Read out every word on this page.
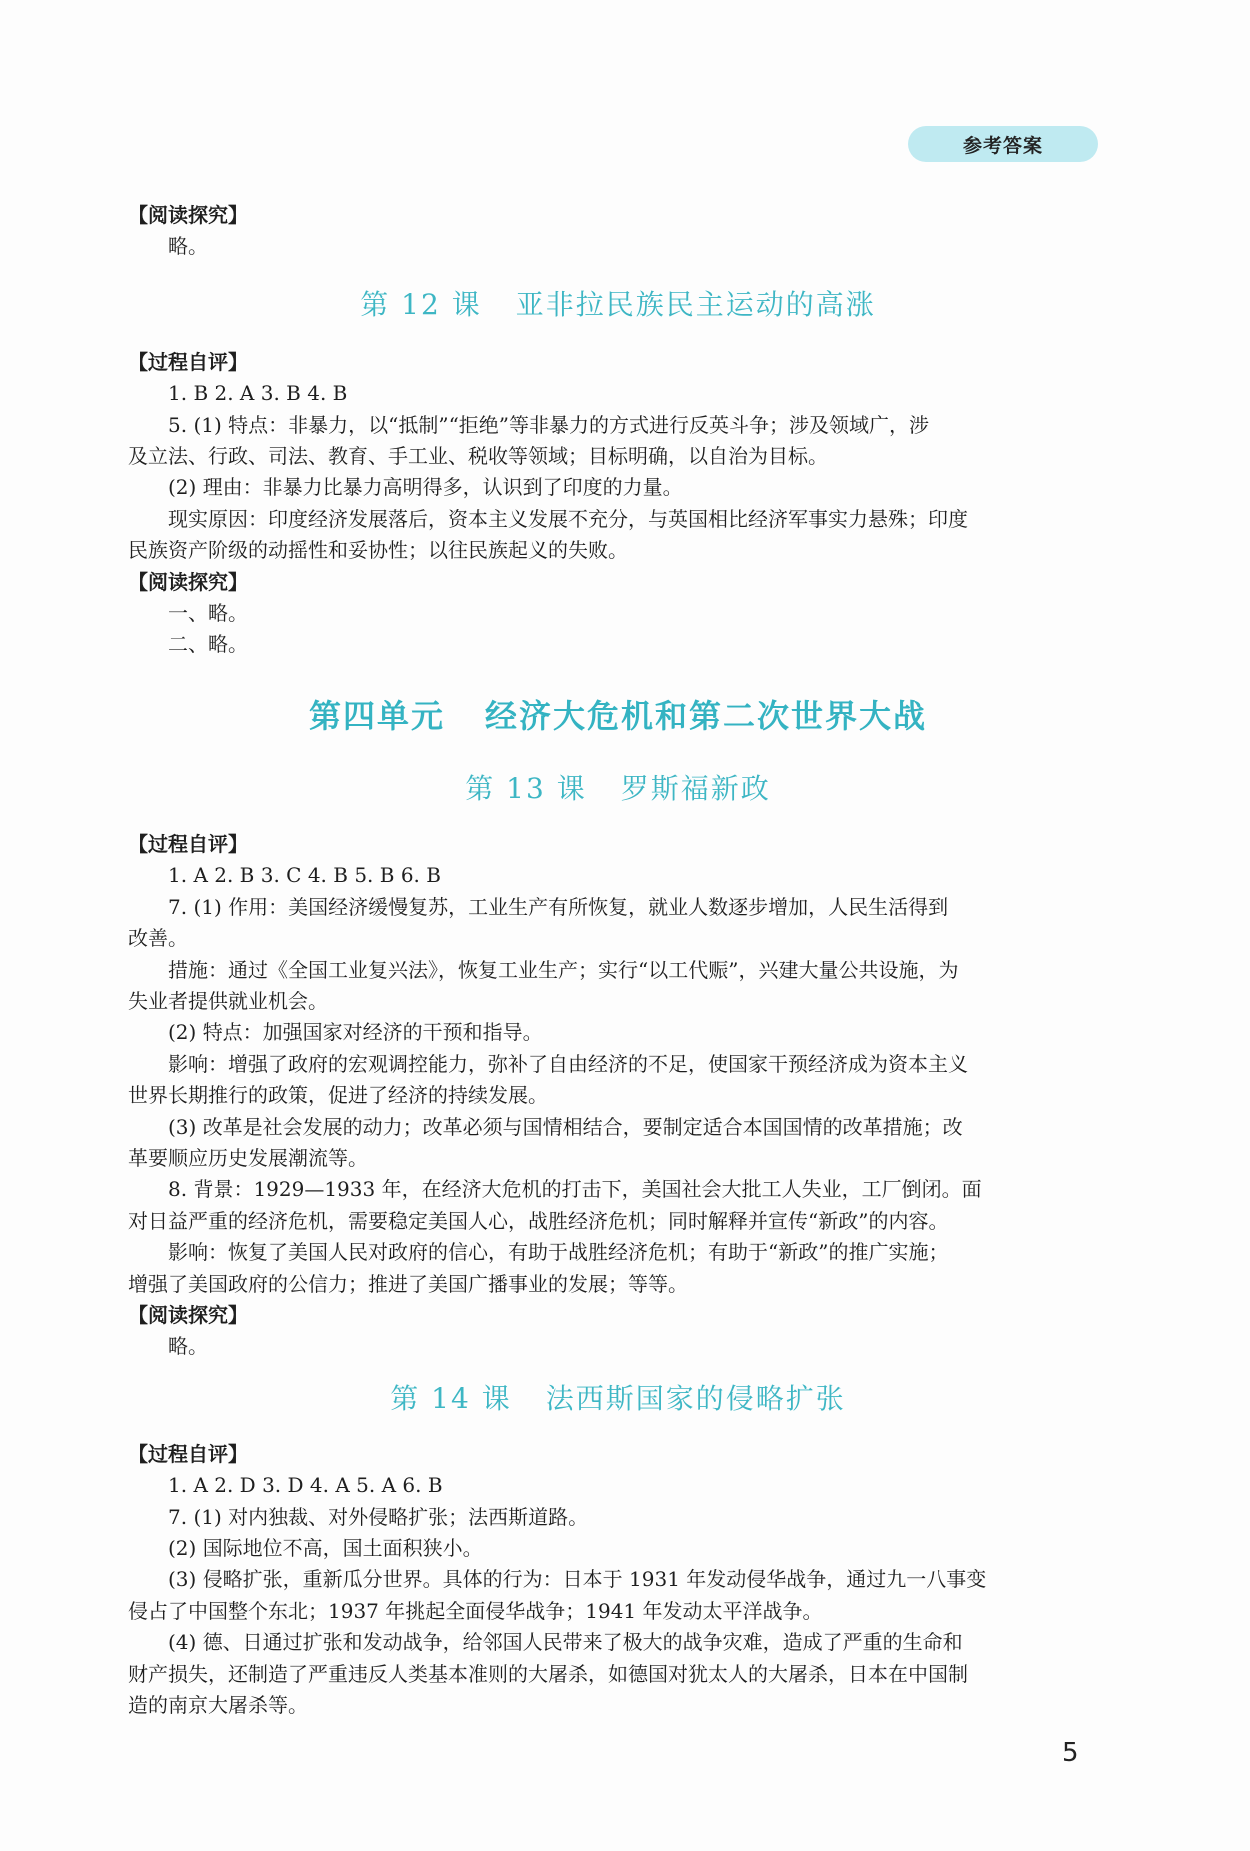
参考答案
【阅读探究】
略。
第 12 课 亚非拉民族民主运动的高涨
【过程自评】
1. B 2. A 3. B 4. B
5. (1) 特点：非暴力，以“抵制”“拒绝”等非暴力的方式进行反英斗争；涉及领域广，涉
及立法、行政、司法、教育、手工业、税收等领域；目标明确，以自治为目标。
(2) 理由：非暴力比暴力高明得多，认识到了印度的力量。
现实原因：印度经济发展落后，资本主义发展不充分，与英国相比经济军事实力悬殊；印度
民族资产阶级的动摇性和妥协性；以往民族起义的失败。
【阅读探究】
一、略。
二、略。
第四单元 经济大危机和第二次世界大战
第 13 课 罗斯福新政
【过程自评】
1. A 2. B 3. C 4. B 5. B 6. B
7. (1) 作用：美国经济缓慢复苏，工业生产有所恢复，就业人数逐步增加，人民生活得到
改善。
措施：通过《全国工业复兴法》，恢复工业生产；实行“以工代赈”，兴建大量公共设施，为
失业者提供就业机会。
(2) 特点：加强国家对经济的干预和指导。
影响：增强了政府的宏观调控能力，弥补了自由经济的不足，使国家干预经济成为资本主义
世界长期推行的政策，促进了经济的持续发展。
(3) 改革是社会发展的动力；改革必须与国情相结合，要制定适合本国国情的改革措施；改
革要顺应历史发展潮流等。
8. 背景：1929—1933 年，在经济大危机的打击下，美国社会大批工人失业，工厂倒闭。面
对日益严重的经济危机，需要稳定美国人心，战胜经济危机；同时解释并宣传“新政”的内容。
影响：恢复了美国人民对政府的信心，有助于战胜经济危机；有助于“新政”的推广实施；
增强了美国政府的公信力；推进了美国广播事业的发展；等等。
【阅读探究】
略。
第 14 课 法西斯国家的侵略扩张
【过程自评】
1. A 2. D 3. D 4. A 5. A 6. B
7. (1) 对内独裁、对外侵略扩张；法西斯道路。
(2) 国际地位不高，国土面积狭小。
(3) 侵略扩张，重新瓜分世界。具体的行为：日本于 1931 年发动侵华战争，通过九一八事变
侵占了中国整个东北；1937 年挑起全面侵华战争；1941 年发动太平洋战争。
(4) 德、日通过扩张和发动战争，给邻国人民带来了极大的战争灾难，造成了严重的生命和
财产损失，还制造了严重违反人类基本准则的大屠杀，如德国对犹太人的大屠杀，日本在中国制
造的南京大屠杀等。
5
